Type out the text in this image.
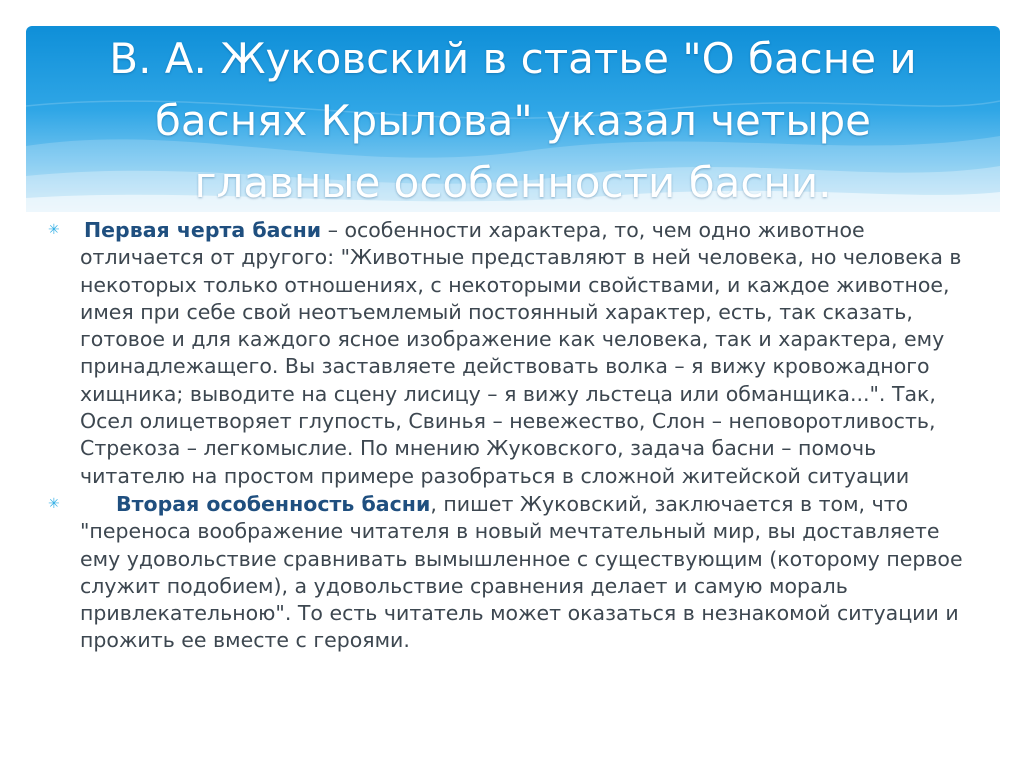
В. А. Жуковский в статье "О басне и
баснях Крылова" указал четыре
главные особенности басни.

✳ Первая черта басни – особенности характера, то, чем одно животное отличается от другого: "Животные представляют в ней человека, но человека в некоторых только отношениях, с некоторыми свойствами, и каждое животное, имея при себе свой неотъемлемый постоянный характер, есть, так сказать, готовое и для каждого ясное изображение как человека, так и характера, ему принадлежащего. Вы заставляете действовать волка – я вижу кровожадного хищника; выводите на сцену лисицу – я вижу льстеца или обманщика...". Так, Осел олицетворяет глупость, Свинья – невежество, Слон – неповоротливость, Стрекоза – легкомыслие. По мнению Жуковского, задача басни – помочь читателю на простом примере разобраться в сложной житейской ситуации

✳	Вторая особенность басни, пишет Жуковский, заключается в том, что "переноса воображение читателя в новый мечтательный мир, вы доставляете ему удовольствие сравнивать вымышленное с существующим (которому первое служит подобием), а удовольствие сравнения делает и самую мораль привлекательною". То есть читатель может оказаться в незнакомой ситуации и прожить ее вместе с героями.
